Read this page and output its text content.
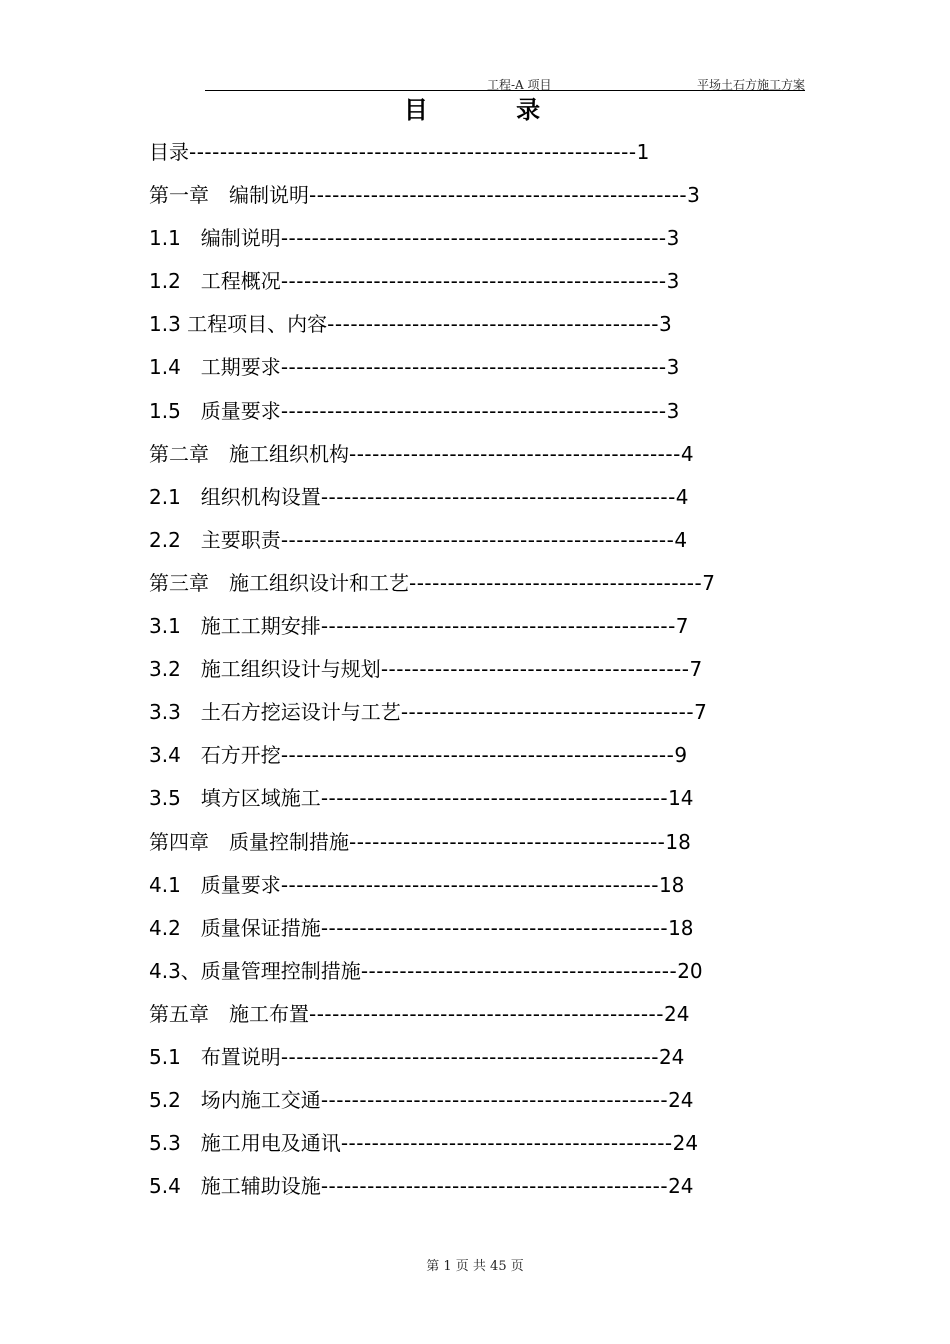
工程-A 项目	平场土石方施工方案
目 录
目录----------------------------------------------------------1
第一章　编制说明-------------------------------------------------3
1.1　编制说明--------------------------------------------------3
1.2　工程概况--------------------------------------------------3
1.3 工程项目、内容-------------------------------------------3
1.4　工期要求--------------------------------------------------3
1.5　质量要求--------------------------------------------------3
第二章　施工组织机构-------------------------------------------4
2.1　组织机构设置----------------------------------------------4
2.2　主要职责---------------------------------------------------4
第三章　施工组织设计和工艺--------------------------------------7
3.1　施工工期安排----------------------------------------------7
3.2　施工组织设计与规划----------------------------------------7
3.3　土石方挖运设计与工艺--------------------------------------7
3.4　石方开挖---------------------------------------------------9
3.5　填方区域施工---------------------------------------------14
第四章　质量控制措施-----------------------------------------18
4.1　质量要求-------------------------------------------------18
4.2　质量保证措施---------------------------------------------18
4.3、质量管理控制措施-----------------------------------------20
第五章　施工布置----------------------------------------------24
5.1　布置说明-------------------------------------------------24
5.2　场内施工交通---------------------------------------------24
5.3　施工用电及通讯-------------------------------------------24
5.4　施工辅助设施---------------------------------------------24
第 1 页 共 45 页
